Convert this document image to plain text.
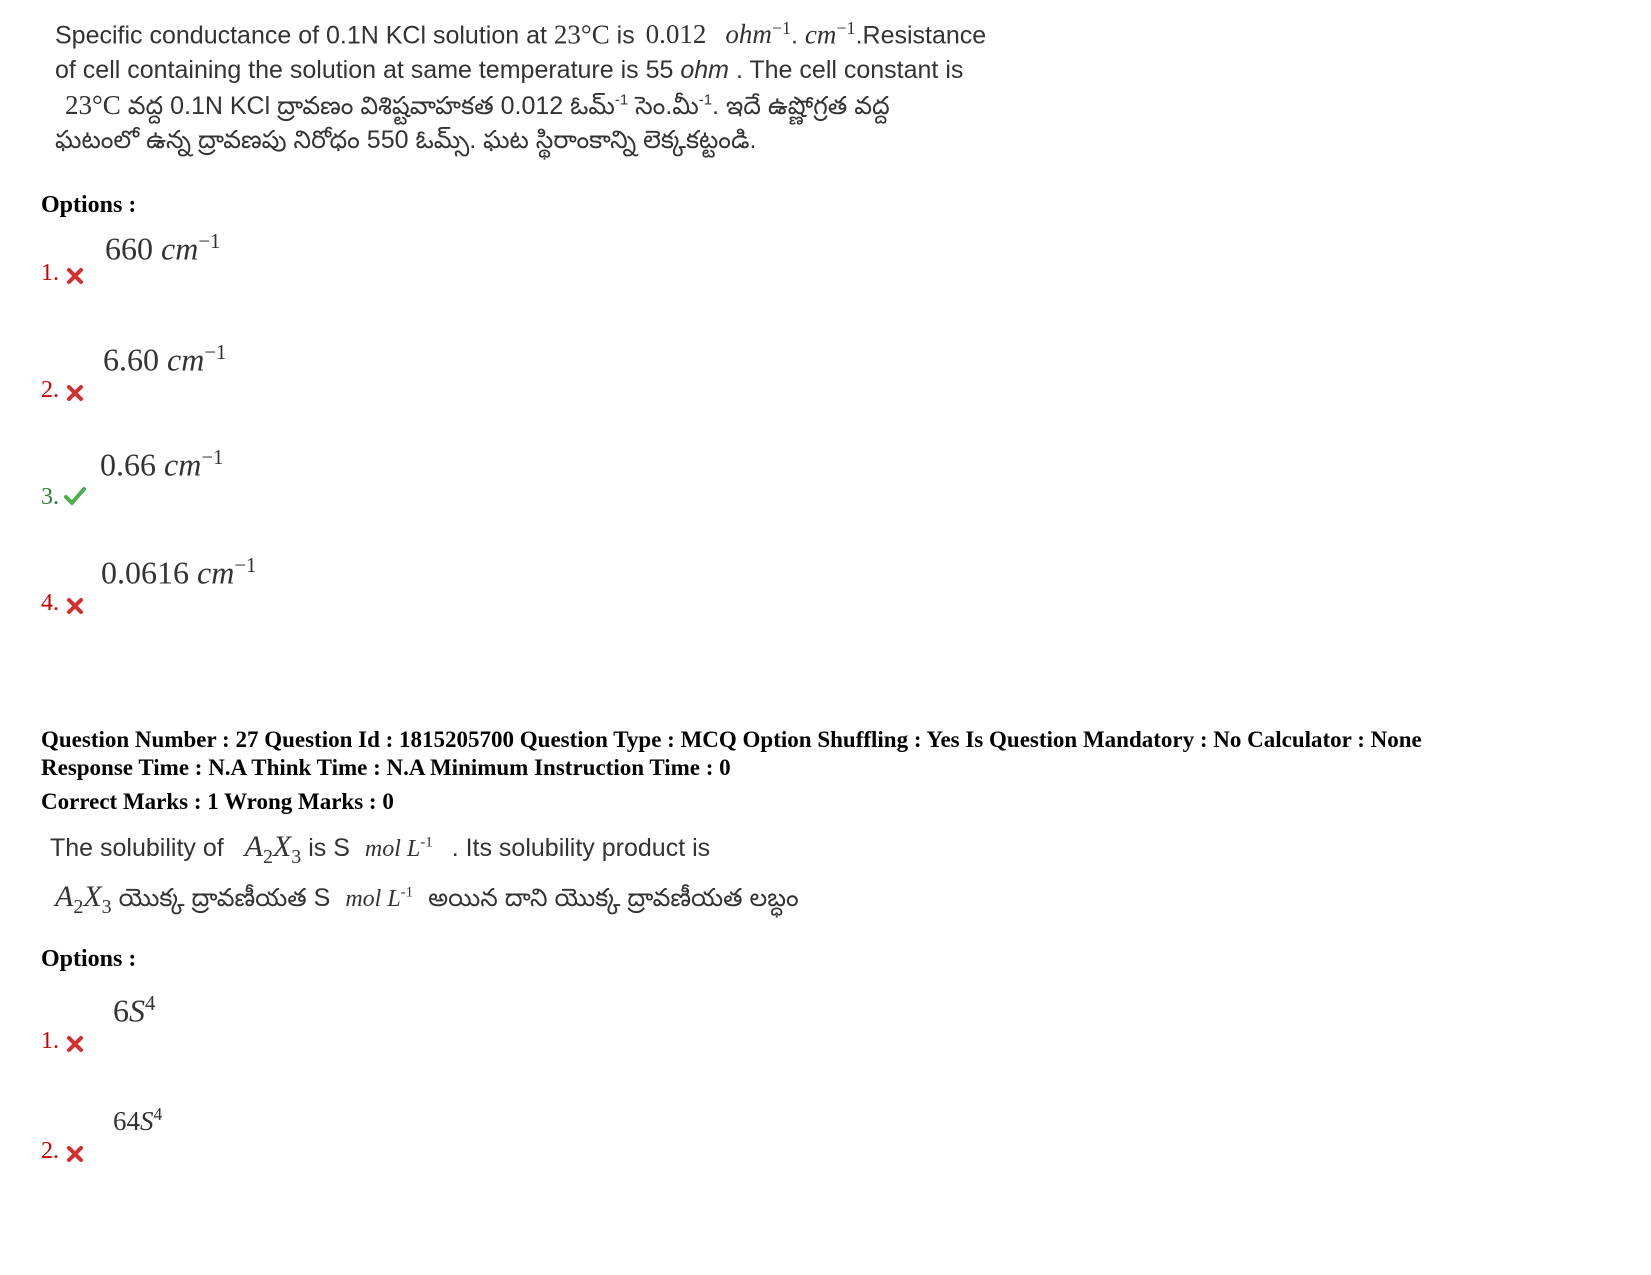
Specific conductance of 0.1N KCl solution at 23°C is 0.012 ohm$^{-1}$. $cm^{-1}.Resistance$
of cell containing the solution at same temperature is 55 ohm . The cell constant is
23°C వద్ద 0.1N KCl ద్రావణం విశిష్టవాహకత 0.012 ఓమ్$^{-1}$ సెం.మీ$^{-1}$. ఇదే ఉష్ణోగ్రత వద్ద
ఘటంలో ఉన్న ద్రావణపు నిరోధం 550 ఓమ్స్. ఘట స్థిరాంకాన్ని లెక్కకట్టండి.
Options :
1.
660 $cm^{-1}$
2.
6.60 $cm^{-1}$
3.
0.66 $cm^{-1}$
4.
0.0616 $cm^{-1}$
Question Number : 27 Question Id : 1815205700 Question Type : MCQ Option Shuffling : Yes Is Question Mandatory : No Calculator : None
Response Time : N.A Think Time : N.A Minimum Instruction Time : 0
Correct Marks : 1 Wrong Marks : 0
The solubility of $A_2X_3$ is S mol $L^{-1}$ . Its solubility product is
$A_2X_3$ యొక్క ద్రావణీయత S mol $L^{-1}$ అయిన దాని యొక్క ద్రావణీయత లబ్ధం
Options :
1.
$6S^4$
2.
$64S^4$
